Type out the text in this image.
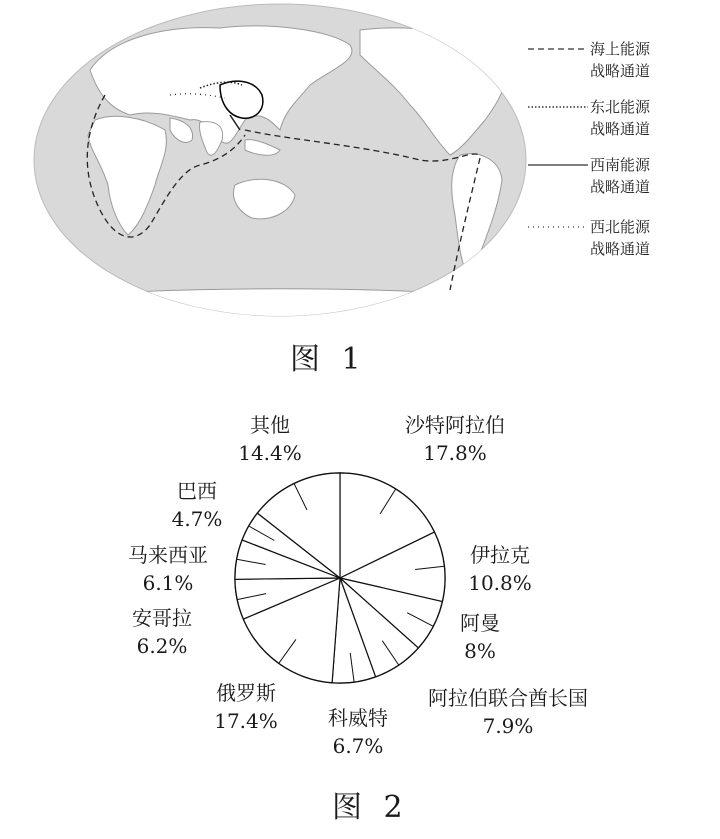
海上能源
战略通道
东北能源
战略通道
西南能源
战略通道
西北能源
战略通道
图 1
沙特阿拉伯
17.8%
伊拉克
10.8%
阿曼
8%
阿拉伯联合酋长国
7.9%
科威特
6.7%
俄罗斯
17.4%
安哥拉
6.2%
马来西亚
6.1%
巴西
4.7%
其他
14.4%
图 2
